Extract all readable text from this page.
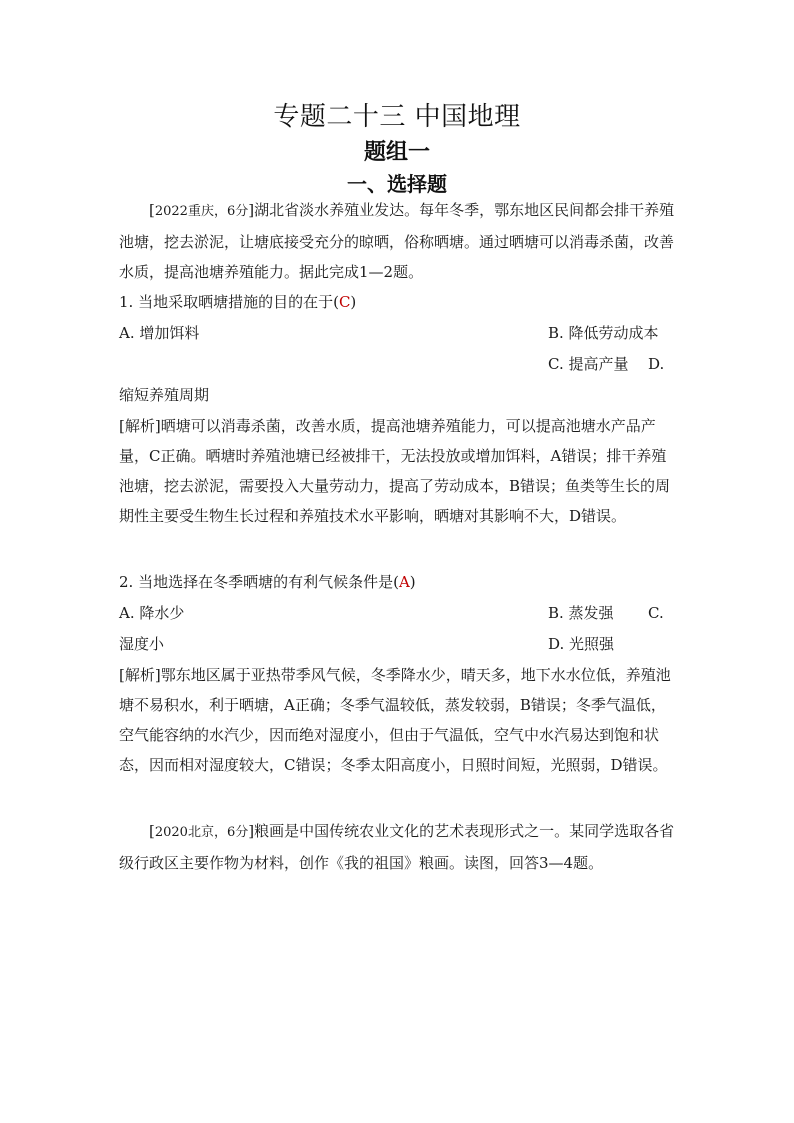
专题二十三 中国地理
题组一
一、选择题
[2022重庆，6分]湖北省淡水养殖业发达。每年冬季，鄂东地区民间都会排干养殖池塘，挖去淤泥，让塘底接受充分的晾晒，俗称晒塘。通过晒塘可以消毒杀菌，改善水质，提高池塘养殖能力。据此完成1—2题。
1. 当地采取晒塘措施的目的在于(C)
A. 增加饵料	B. 降低劳动成本
C. 提高产量 D.
缩短养殖周期
[解析]晒塘可以消毒杀菌，改善水质，提高池塘养殖能力，可以提高池塘水产品产量，C正确。晒塘时养殖池塘已经被排干，无法投放或增加饵料，A错误；排干养殖池塘，挖去淤泥，需要投入大量劳动力，提高了劳动成本，B错误；鱼类等生长的周期性主要受生物生长过程和养殖技术水平影响，晒塘对其影响不大，D错误。
2. 当地选择在冬季晒塘的有利气候条件是(A)
A. 降水少	B. 蒸发强 C.
湿度小	D. 光照强
[解析]鄂东地区属于亚热带季风气候，冬季降水少，晴天多，地下水水位低，养殖池塘不易积水，利于晒塘，A正确；冬季气温较低，蒸发较弱，B错误；冬季气温低，空气能容纳的水汽少，因而绝对湿度小，但由于气温低，空气中水汽易达到饱和状态，因而相对湿度较大，C错误；冬季太阳高度小，日照时间短，光照弱，D错误。
[2020北京，6分]粮画是中国传统农业文化的艺术表现形式之一。某同学选取各省级行政区主要作物为材料，创作《我的祖国》粮画。读图，回答3—4题。
